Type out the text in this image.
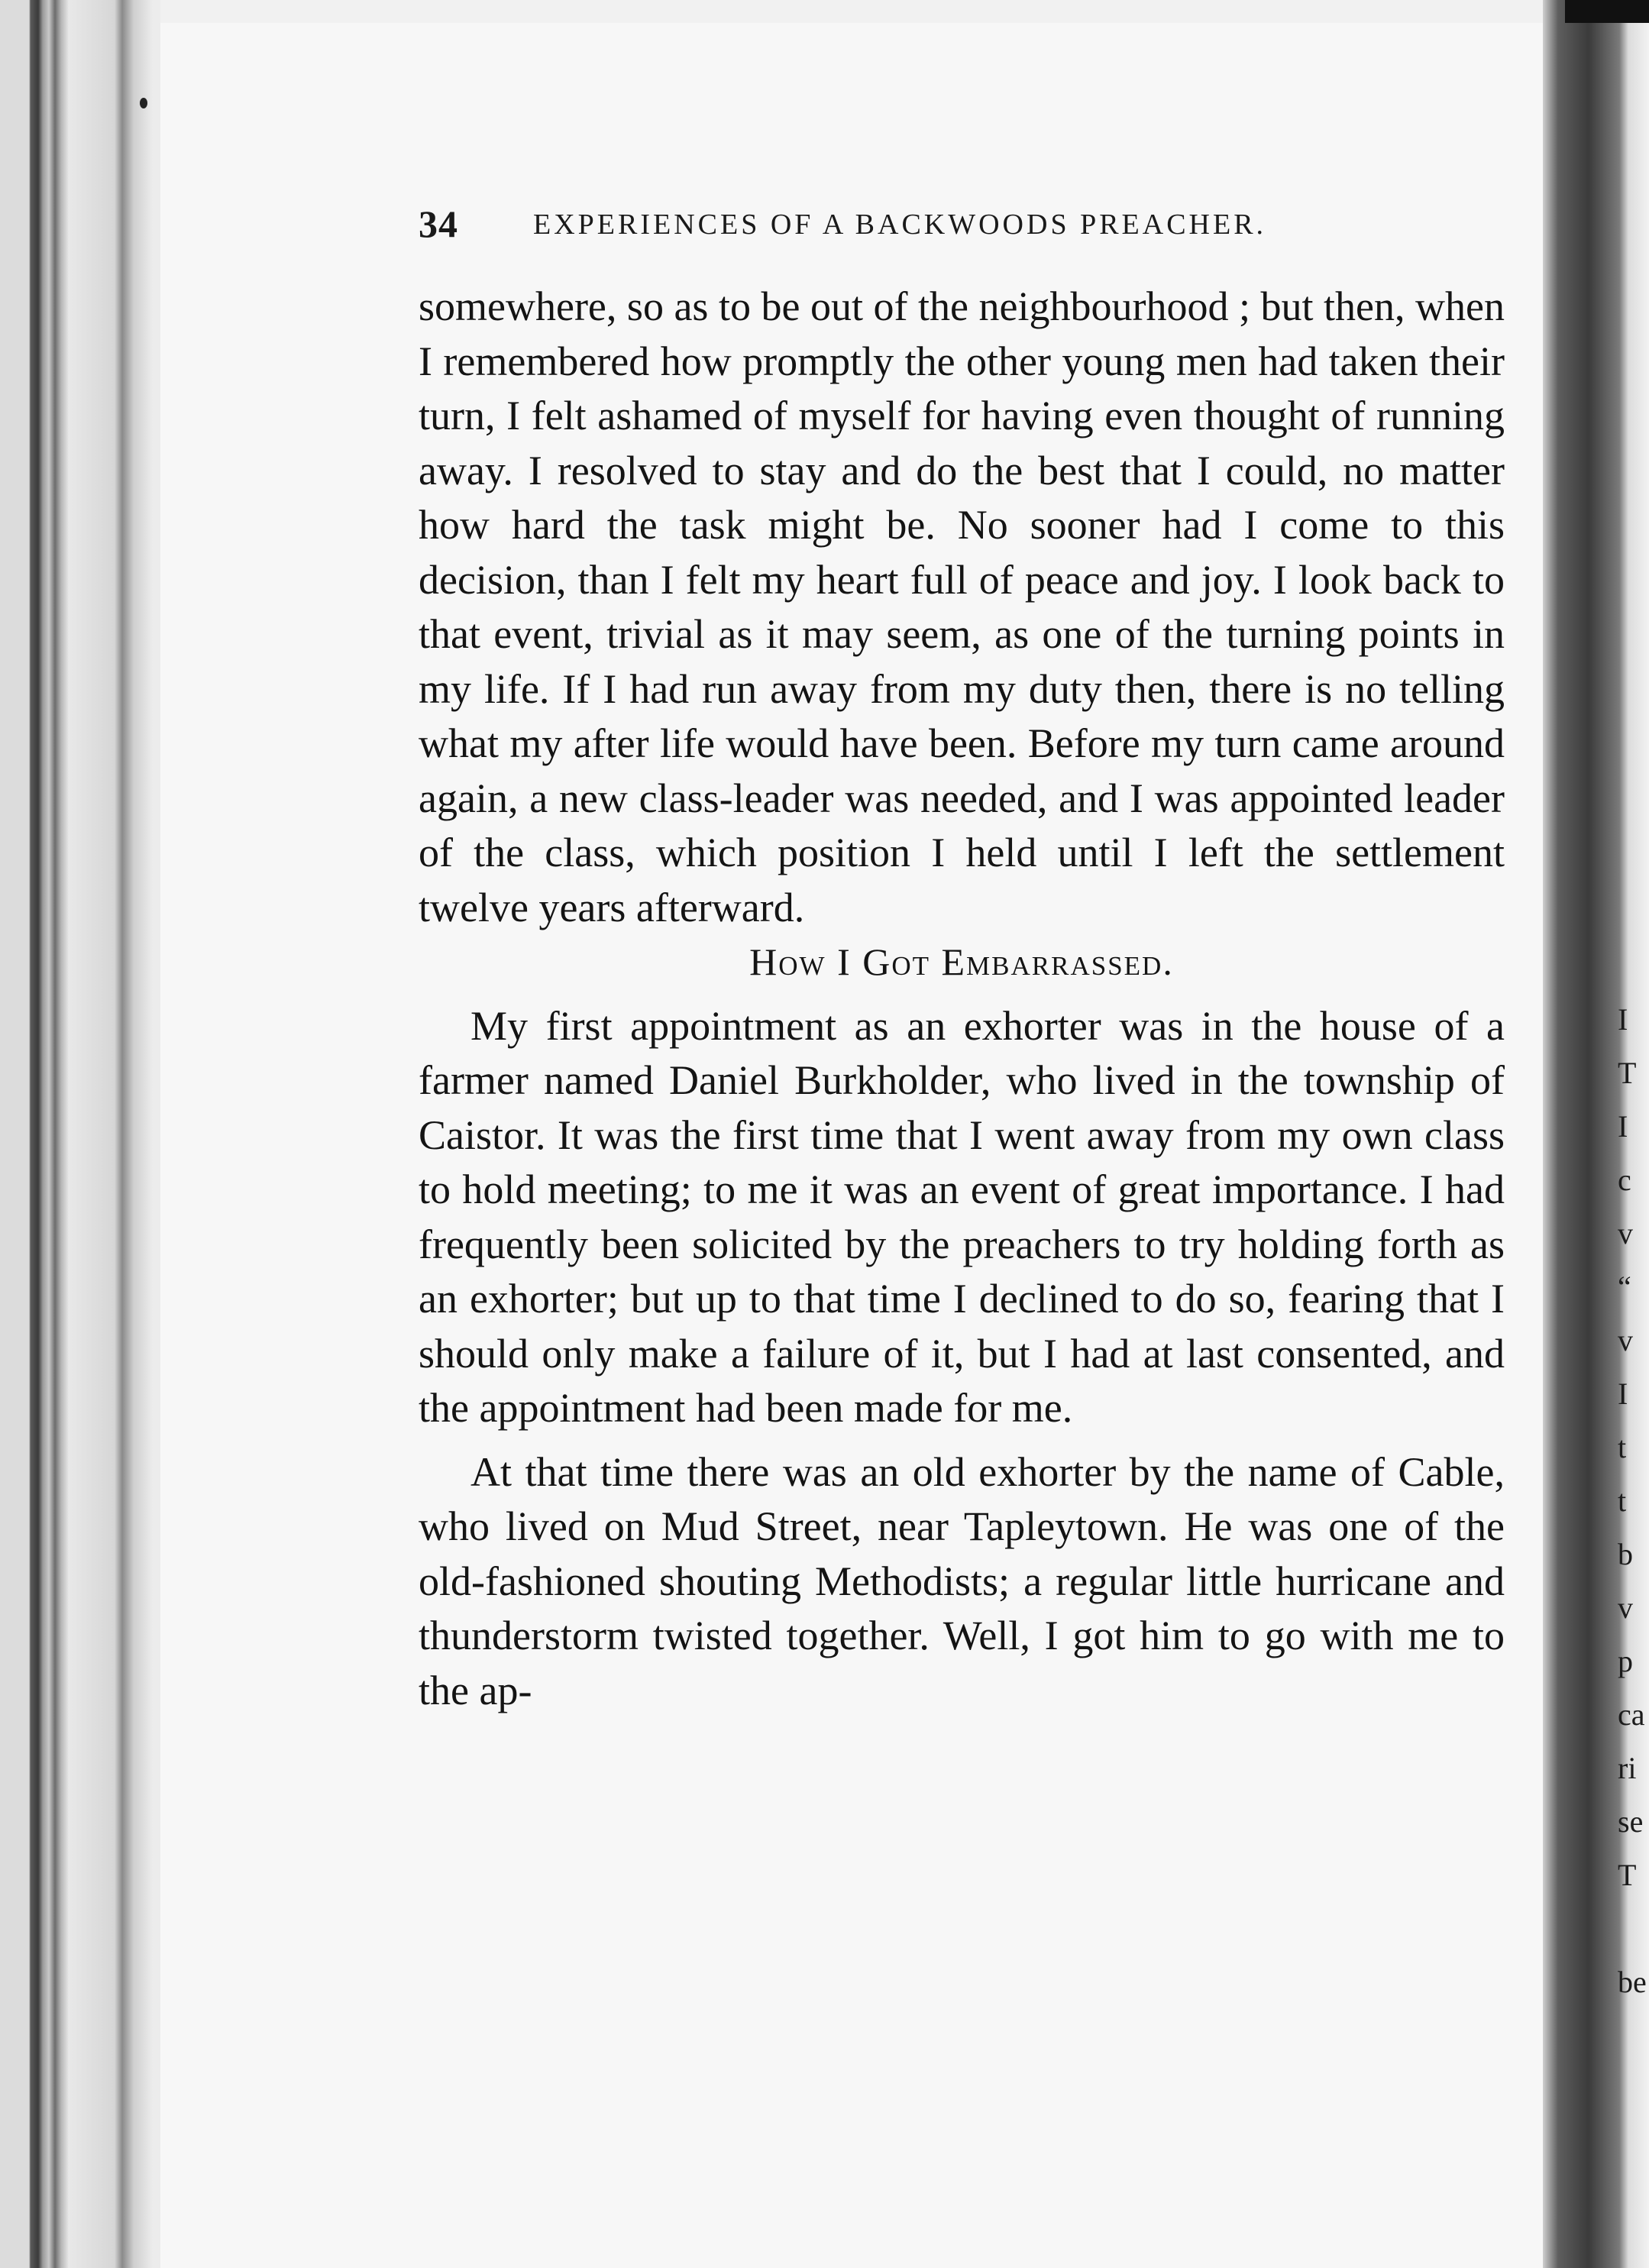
I
T
I
c
v
“
v
I
t
t
b
v
p
ca
ri
se
T
be
34	EXPERIENCES OF A BACKWOODS PREACHER.

somewhere, so as to be out of the neighbourhood ; but then, when I remembered how promptly the other young men had taken their turn, I felt ashamed of myself for having even thought of running away. I resolved to stay and do the best that I could, no matter how hard the task might be. No sooner had I come to this decision, than I felt my heart full of peace and joy. I look back to that event, trivial as it may seem, as one of the turning points in my life. If I had run away from my duty then, there is no telling what my after life would have been. Before my turn came around again, a new class-leader was needed, and I was appointed leader of the class, which position I held until I left the settlement twelve years afterward.

How I Got Embarrassed.

My first appointment as an exhorter was in the house of a farmer named Daniel Burkholder, who lived in the township of Caistor. It was the first time that I went away from my own class to hold meeting; to me it was an event of great importance. I had frequently been solicited by the preachers to try holding forth as an exhorter; but up to that time I declined to do so, fearing that I should only make a failure of it, but I had at last consented, and the appointment had been made for me.

At that time there was an old exhorter by the name of Cable, who lived on Mud Street, near Tapleytown. He was one of the old-fashioned shouting Methodists; a regular little hurricane and thunderstorm twisted together. Well, I got him to go with me to the ap-
